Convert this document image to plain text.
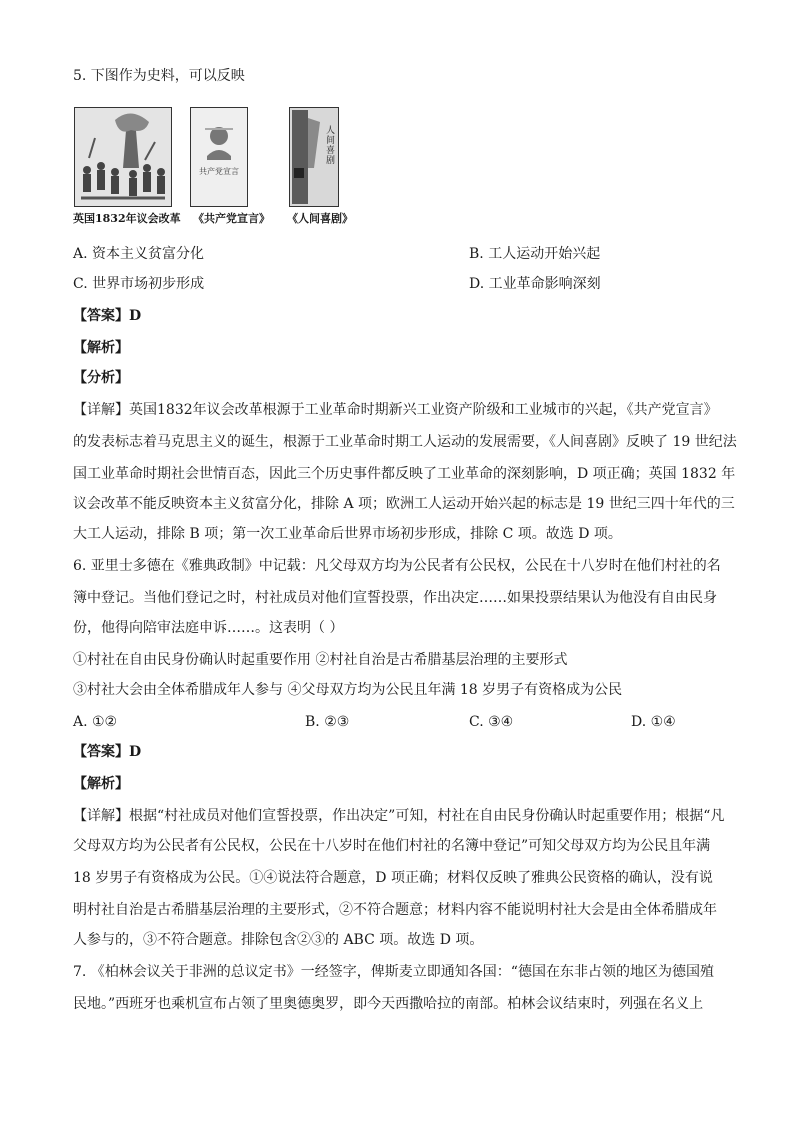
5. 下图作为史料，可以反映
共产党宣言
人间喜剧
英国1832年议会改革 《共产党宣言》 《人间喜剧》
A. 资本主义贫富分化	B. 工人运动开始兴起
C. 世界市场初步形成	D. 工业革命影响深刻
【答案】D
【解析】
【分析】
【详解】英国1832年议会改革根源于工业革命时期新兴工业资产阶级和工业城市的兴起，《共产党宣言》
的发表标志着马克思主义的诞生，根源于工业革命时期工人运动的发展需要，《人间喜剧》反映了 19 世纪法
国工业革命时期社会世情百态，因此三个历史事件都反映了工业革命的深刻影响，D 项正确；英国 1832 年
议会改革不能反映资本主义贫富分化，排除 A 项；欧洲工人运动开始兴起的标志是 19 世纪三四十年代的三
大工人运动，排除 B 项；第一次工业革命后世界市场初步形成，排除 C 项。故选 D 项。
6. 亚里士多德在《雅典政制》中记载：凡父母双方均为公民者有公民权，公民在十八岁时在他们村社的名
簿中登记。当他们登记之时，村社成员对他们宣誓投票，作出决定……如果投票结果认为他没有自由民身
份，他得向陪审法庭申诉……。这表明（ ）
①村社在自由民身份确认时起重要作用 ②村社自治是古希腊基层治理的主要形式
③村社大会由全体希腊成年人参与 ④父母双方均为公民且年满 18 岁男子有资格成为公民
A. ①②	B. ②③	C. ③④	D. ①④
【答案】D
【解析】
【详解】根据“村社成员对他们宣誓投票，作出决定”可知，村社在自由民身份确认时起重要作用；根据“凡
父母双方均为公民者有公民权，公民在十八岁时在他们村社的名簿中登记”可知父母双方均为公民且年满
18 岁男子有资格成为公民。①④说法符合题意，D 项正确；材料仅反映了雅典公民资格的确认，没有说
明村社自治是古希腊基层治理的主要形式，②不符合题意；材料内容不能说明村社大会是由全体希腊成年
人参与的，③不符合题意。排除包含②③的 ABC 项。故选 D 项。
7. 《柏林会议关于非洲的总议定书》一经签字，俾斯麦立即通知各国：“德国在东非占领的地区为德国殖
民地。”西班牙也乘机宣布占领了里奥德奥罗，即今天西撒哈拉的南部。柏林会议结束时，列强在名义上
